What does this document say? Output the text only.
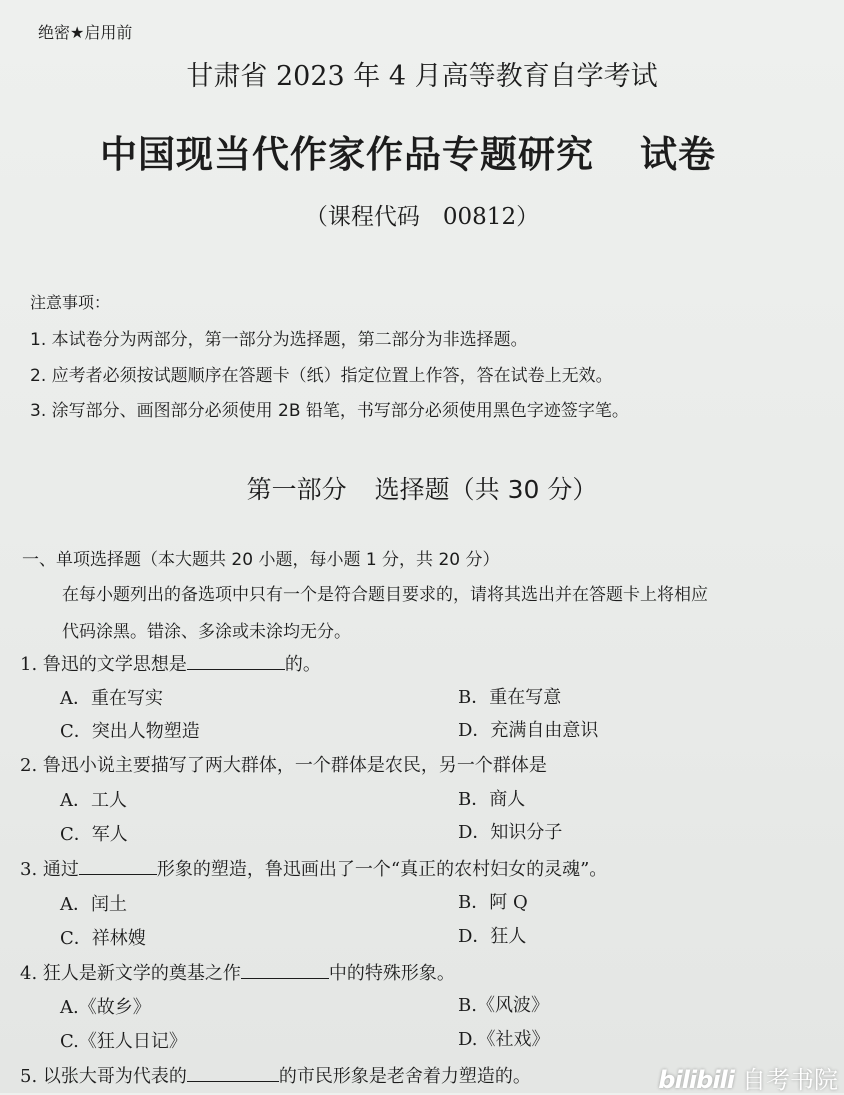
绝密★启用前
甘肃省 2023 年 4 月高等教育自学考试
中国现当代作家作品专题研究 试卷
（课程代码　00812）
注意事项：
1. 本试卷分为两部分，第一部分为选择题，第二部分为非选择题。
2. 应考者必须按试题顺序在答题卡（纸）指定位置上作答，答在试卷上无效。
3. 涂写部分、画图部分必须使用 2B 铅笔，书写部分必须使用黑色字迹签字笔。
第一部分 选择题（共 30 分）
一、单项选择题（本大题共 20 小题，每小题 1 分，共 20 分）
在每小题列出的备选项中只有一个是符合题目要求的，请将其选出并在答题卡上将相应
代码涂黑。错涂、多涂或未涂均无分。
1. 鲁迅的文学思想是	的。
A．重在写实	B．重在写意
C．突出人物塑造	D．充满自由意识
2. 鲁迅小说主要描写了两大群体，一个群体是农民，另一个群体是
A．工人	B．商人
C．军人	D．知识分子
3. 通过	形象的塑造，鲁迅画出了一个“真正的农村妇女的灵魂”。
A．闰土	B．阿 Q
C．祥林嫂	D．狂人
4. 狂人是新文学的奠基之作	中的特殊形象。
A.《故乡》	B.《风波》
C.《狂人日记》	D.《社戏》
5. 以张大哥为代表的	的市民形象是老舍着力塑造的。	bilibili 自考书院
